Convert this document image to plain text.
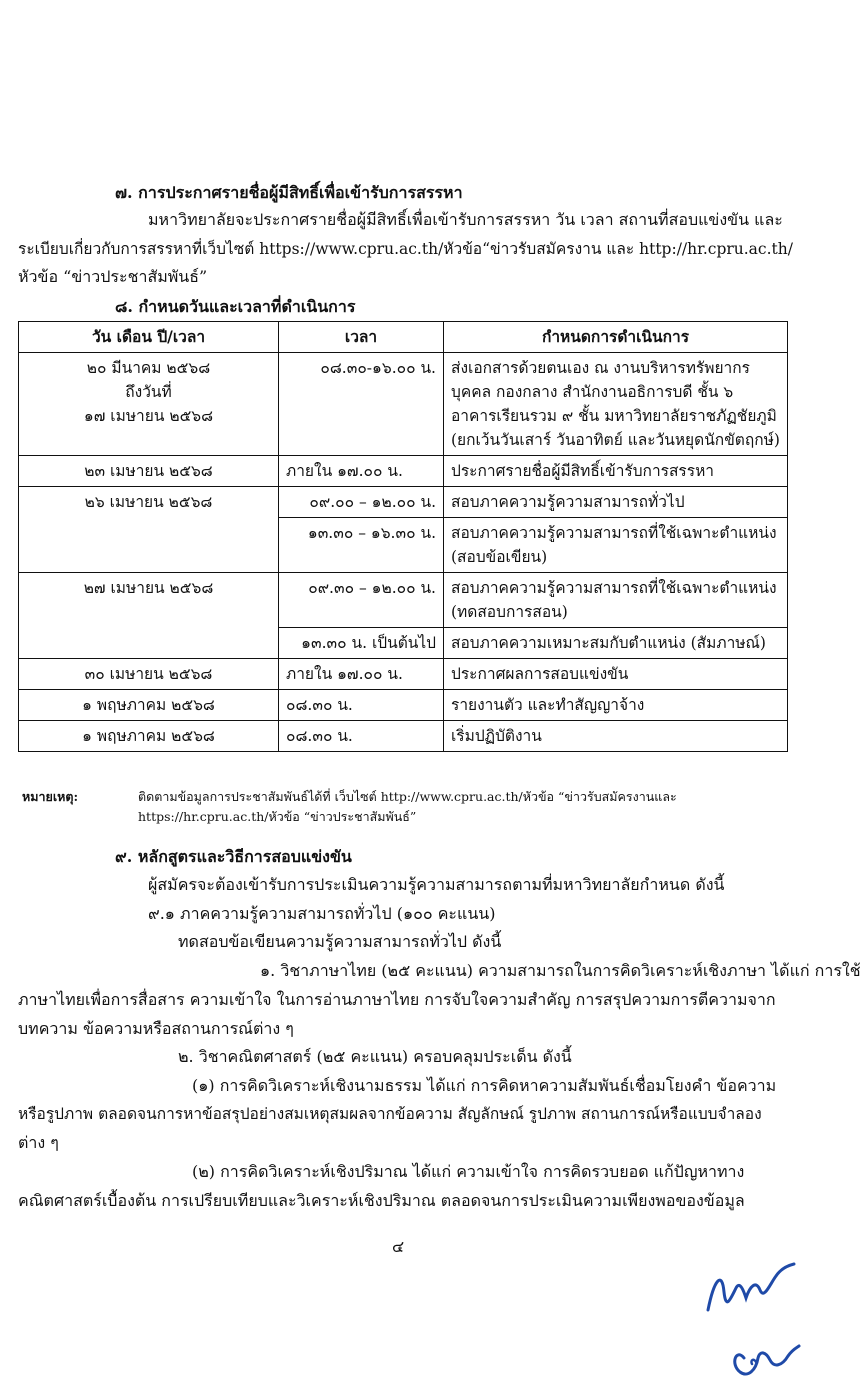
๗. การประกาศรายชื่อผู้มีสิทธิ์เพื่อเข้ารับการสรรหา
มหาวิทยาลัยจะประกาศรายชื่อผู้มีสิทธิ์เพื่อเข้ารับการสรรหา วัน เวลา สถานที่สอบแข่งขัน และ
ระเบียบเกี่ยวกับการสรรหาที่เว็บไซต์ https://www.cpru.ac.th/หัวข้อ“ข่าวรับสมัครงาน และ http://hr.cpru.ac.th/
หัวข้อ “ข่าวประชาสัมพันธ์”
๘. กำหนดวันและเวลาที่ดำเนินการ
วัน เดือน ปี/เวลา	เวลา	กำหนดการดำเนินการ

๒๐ มีนาคม ๒๕๖๘
ถึงวันที่
๑๗ เมษายน ๒๕๖๘	๐๘.๓๐-๑๖.๐๐ น.	ส่งเอกสารด้วยตนเอง ณ งานบริหารทรัพยากรบุคคล กองกลาง สำนักงานอธิการบดี ชั้น ๖ อาคารเรียนรวม ๙ ชั้น มหาวิทยาลัยราชภัฏชัยภูมิ (ยกเว้นวันเสาร์ วันอาทิตย์ และวันหยุดนักขัตฤกษ์)
๒๓ เมษายน ๒๕๖๘	ภายใน ๑๗.๐๐ น.	ประกาศรายชื่อผู้มีสิทธิ์เข้ารับการสรรหา
๒๖ เมษายน ๒๕๖๘	๐๙.๐๐ – ๑๒.๐๐ น.	สอบภาคความรู้ความสามารถทั่วไป
	๑๓.๓๐ – ๑๖.๓๐ น.	สอบภาคความรู้ความสามารถที่ใช้เฉพาะตำแหน่ง (สอบข้อเขียน)
๒๗ เมษายน ๒๕๖๘	๐๙.๓๐ – ๑๒.๐๐ น.	สอบภาคความรู้ความสามารถที่ใช้เฉพาะตำแหน่ง (ทดสอบการสอน)
	๑๓.๓๐ น. เป็นต้นไป	สอบภาคความเหมาะสมกับตำแหน่ง (สัมภาษณ์)
๓๐ เมษายน ๒๕๖๘	ภายใน ๑๗.๐๐ น.	ประกาศผลการสอบแข่งขัน
๑ พฤษภาคม ๒๕๖๘	๐๘.๓๐ น.	รายงานตัว และทำสัญญาจ้าง
๑ พฤษภาคม ๒๕๖๘	๐๘.๓๐ น.	เริ่มปฏิบัติงาน
หมายเหตุ:	ติดตามข้อมูลการประชาสัมพันธ์ได้ที่ เว็บไซต์ http://www.cpru.ac.th/หัวข้อ “ข่าวรับสมัครงานและ
https://hr.cpru.ac.th/หัวข้อ “ข่าวประชาสัมพันธ์”
๙. หลักสูตรและวิธีการสอบแข่งขัน
ผู้สมัครจะต้องเข้ารับการประเมินความรู้ความสามารถตามที่มหาวิทยาลัยกำหนด ดังนี้
๙.๑ ภาคความรู้ความสามารถทั่วไป (๑๐๐ คะแนน)
ทดสอบข้อเขียนความรู้ความสามารถทั่วไป ดังนี้
๑. วิชาภาษาไทย (๒๕ คะแนน) ความสามารถในการคิดวิเคราะห์เชิงภาษา ได้แก่ การใช้
ภาษาไทยเพื่อการสื่อสาร ความเข้าใจ ในการอ่านภาษาไทย การจับใจความสำคัญ การสรุปความการตีความจาก
บทความ ข้อความหรือสถานการณ์ต่าง ๆ
๒. วิชาคณิตศาสตร์ (๒๕ คะแนน) ครอบคลุมประเด็น ดังนี้
(๑) การคิดวิเคราะห์เชิงนามธรรม ได้แก่ การคิดหาความสัมพันธ์เชื่อมโยงคำ ข้อความ
หรือรูปภาพ ตลอดจนการหาข้อสรุปอย่างสมเหตุสมผลจากข้อความ สัญลักษณ์ รูปภาพ สถานการณ์หรือแบบจำลอง
ต่าง ๆ
(๒) การคิดวิเคราะห์เชิงปริมาณ ได้แก่ ความเข้าใจ การคิดรวบยอด แก้ปัญหาทาง
คณิตศาสตร์เบื้องต้น การเปรียบเทียบและวิเคราะห์เชิงปริมาณ ตลอดจนการประเมินความเพียงพอของข้อมูล
๔
